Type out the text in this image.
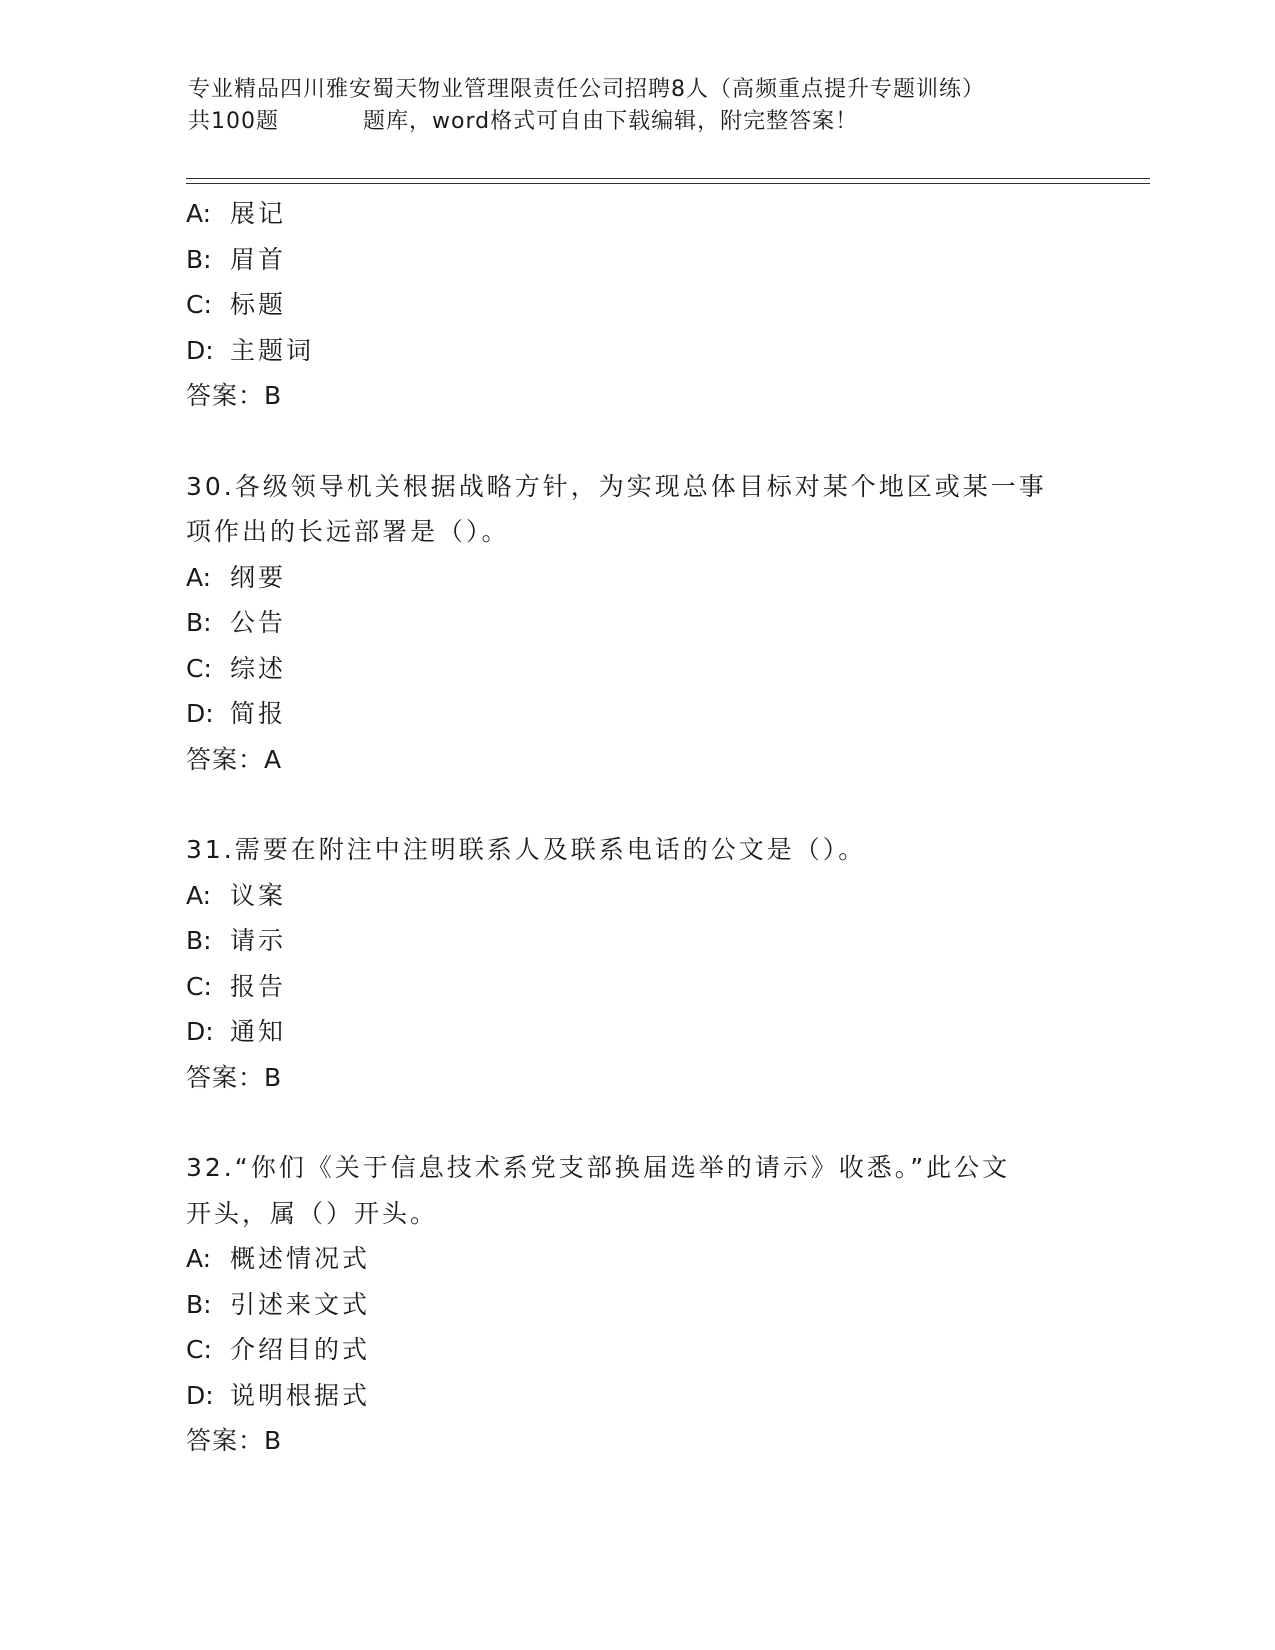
专业精品四川雅安蜀天物业管理限责任公司招聘8人（高频重点提升专题训练）
共100题	题库，word格式可自由下载编辑，附完整答案！
A: 展记
B: 眉首
C: 标题
D: 主题词
答案：B
30.各级领导机关根据战略方针，为实现总体目标对某个地区或某一事
项作出的长远部署是（）。
A: 纲要
B: 公告
C: 综述
D: 简报
答案：A
31.需要在附注中注明联系人及联系电话的公文是（）。
A: 议案
B: 请示
C: 报告
D: 通知
答案：B
32.“你们《关于信息技术系党支部换届选举的请示》收悉。”此公文
开头，属（）开头。
A: 概述情况式
B: 引述来文式
C: 介绍目的式
D: 说明根据式
答案：B
